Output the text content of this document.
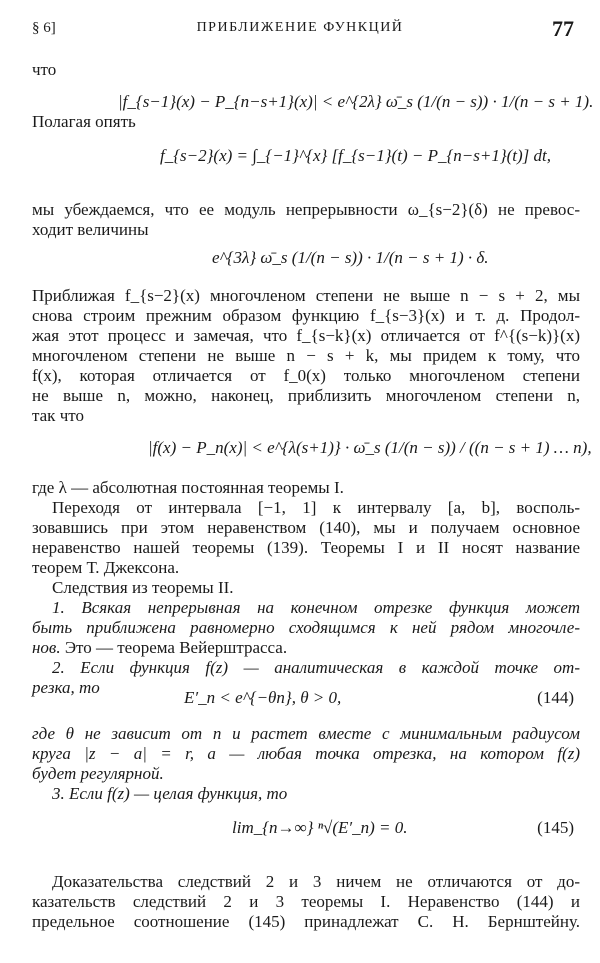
§ 6]	ПРИБЛИЖЕНИЕ ФУНКЦИЙ	77
что
|f_{s−1}(x) − P_{n−s+1}(x)| < e^{2λ} ω̄_s (1/(n − s)) · 1/(n − s + 1).
Полагая опять
f_{s−2}(x) = ∫_{−1}^{x} [f_{s−1}(t) − P_{n−s+1}(t)] dt,
мы убеждаемся, что ее модуль непрерывности ω_{s−2}(δ) не превос-
ходит величины
e^{3λ} ω̄_s (1/(n − s)) · 1/(n − s + 1) · δ.
Приближая f_{s−2}(x) многочленом степени не выше n − s + 2, мы
снова строим прежним образом функцию f_{s−3}(x) и т. д. Продол-
жая этот процесс и замечая, что f_{s−k}(x) отличается от f^{(s−k)}(x)
многочленом степени не выше n − s + k, мы придем к тому, что
f(x), которая отличается от f_0(x) только многочленом степени
не выше n, можно, наконец, приблизить многочленом степени n,
так что
|f(x) − P_n(x)| < e^{λ(s+1)} · ω̄_s (1/(n − s)) / ((n − s + 1) … n),
где λ — абсолютная постоянная теоремы I.
Переходя от интервала [−1, 1] к интервалу [a, b], восполь-
зовавшись при этом неравенством (140), мы и получаем основное
неравенство нашей теоремы (139). Теоремы I и II носят название
теорем Т. Джексона.
Следствия из теоремы II.
1. Всякая непрерывная на конечном отрезке функция может
быть приближена равномерно сходящимся к ней рядом многочле-
нов. Это — теорема Вейерштрасса.
2. Если функция f(z) — аналитическая в каждой точке от-
резка, то
E′_n < e^{−θn}, θ > 0,	(144)
где θ не зависит от n и растет вместе с минимальным радиусом
круга |z − a| = r, a — любая точка отрезка, на котором f(z)
будет регулярной.
3. Если f(z) — целая функция, то
lim_{n→∞} ⁿ√(E′_n) = 0.	(145)
Доказательства следствий 2 и 3 ничем не отличаются от до-
казательств следствий 2 и 3 теоремы I. Неравенство (144) и
предельное соотношение (145) принадлежат С. Н. Бернштейну.
